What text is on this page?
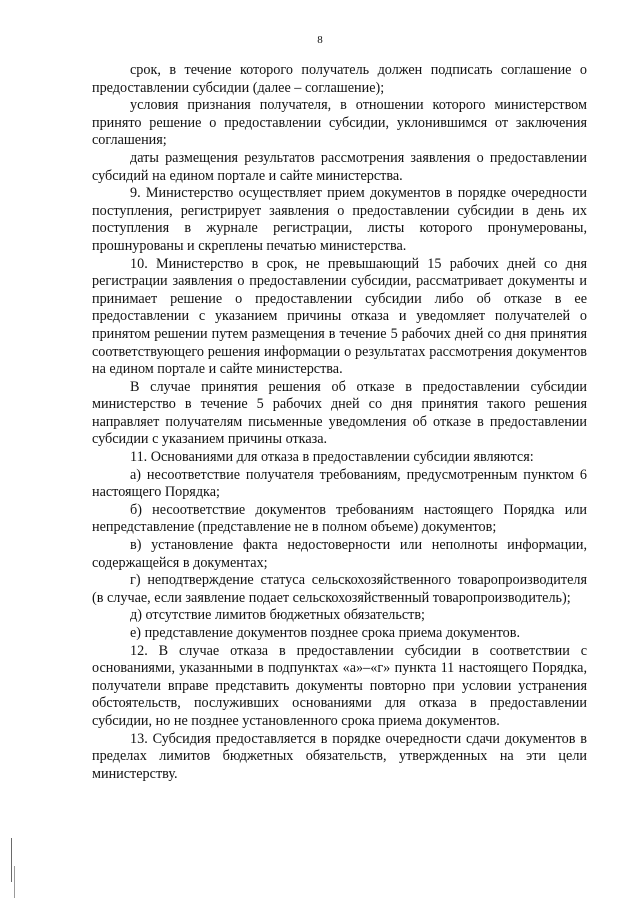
8

срок, в течение которого получатель должен подписать соглашение о предоставлении субсидии (далее – соглашение);

условия признания получателя, в отношении которого министерством принято решение о предоставлении субсидии, уклонившимся от заключения соглашения;

даты размещения результатов рассмотрения заявления о предоставлении субсидий на едином портале и сайте министерства.

9. Министерство осуществляет прием документов в порядке очередности поступления, регистрирует заявления о предоставлении субсидии в день их поступления в журнале регистрации, листы которого пронумерованы, прошнурованы и скреплены печатью министерства.

10. Министерство в срок, не превышающий 15 рабочих дней со дня регистрации заявления о предоставлении субсидии, рассматривает документы и принимает решение о предоставлении субсидии либо об отказе в ее предоставлении с указанием причины отказа и уведомляет получателей о принятом решении путем размещения в течение 5 рабочих дней со дня принятия соответствующего решения информации о результатах рассмотрения документов на едином портале и сайте министерства.

В случае принятия решения об отказе в предоставлении субсидии министерство в течение 5 рабочих дней со дня принятия такого решения направляет получателям письменные уведомления об отказе в предоставлении субсидии с указанием причины отказа.

11. Основаниями для отказа в предоставлении субсидии являются:

а) несоответствие получателя требованиям, предусмотренным пунктом 6 настоящего Порядка;

б) несоответствие документов требованиям настоящего Порядка или непредставление (представление не в полном объеме) документов;

в) установление факта недостоверности или неполноты информации, содержащейся в документах;

г) неподтверждение статуса сельскохозяйственного товаропроизводителя (в случае, если заявление подает сельскохозяйственный товаропроизводитель);

д) отсутствие лимитов бюджетных обязательств;

е) представление документов позднее срока приема документов.

12. В случае отказа в предоставлении субсидии в соответствии с основаниями, указанными в подпунктах «а»–«г» пункта 11 настоящего Порядка, получатели вправе представить документы повторно при условии устранения обстоятельств, послуживших основаниями для отказа в предоставлении субсидии, но не позднее установленного срока приема документов.

13. Субсидия предоставляется в порядке очередности сдачи документов в пределах лимитов бюджетных обязательств, утвержденных на эти цели министерству.
